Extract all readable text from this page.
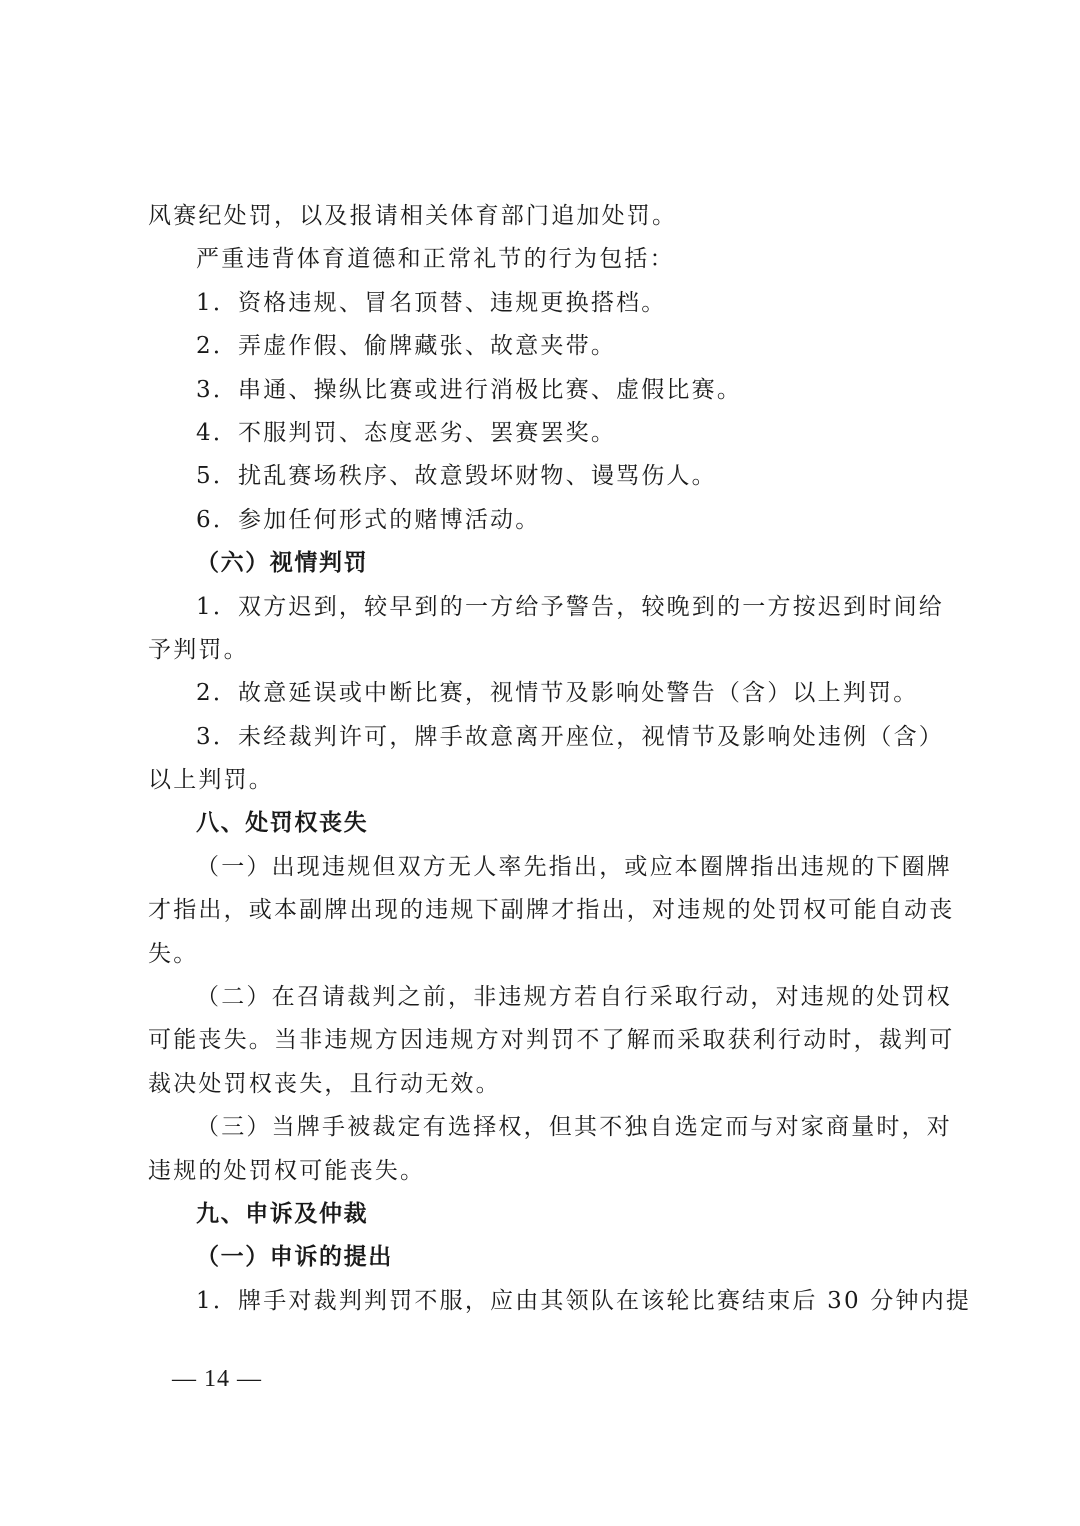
风赛纪处罚，以及报请相关体育部门追加处罚。

严重违背体育道德和正常礼节的行为包括：

1．资格违规、冒名顶替、违规更换搭档。

2．弄虚作假、偷牌藏张、故意夹带。

3．串通、操纵比赛或进行消极比赛、虚假比赛。

4．不服判罚、态度恶劣、罢赛罢奖。

5．扰乱赛场秩序、故意毁坏财物、谩骂伤人。

6．参加任何形式的赌博活动。

（六）视情判罚

1．双方迟到，较早到的一方给予警告，较晚到的一方按迟到时间给

予判罚。

2．故意延误或中断比赛，视情节及影响处警告（含）以上判罚。

3．未经裁判许可，牌手故意离开座位，视情节及影响处违例（含）

以上判罚。

八、处罚权丧失

（一）出现违规但双方无人率先指出，或应本圈牌指出违规的下圈牌

才指出，或本副牌出现的违规下副牌才指出，对违规的处罚权可能自动丧

失。

（二）在召请裁判之前，非违规方若自行采取行动，对违规的处罚权

可能丧失。当非违规方因违规方对判罚不了解而采取获利行动时，裁判可

裁决处罚权丧失，且行动无效。

（三）当牌手被裁定有选择权，但其不独自选定而与对家商量时，对

违规的处罚权可能丧失。

九、申诉及仲裁

（一）申诉的提出

1．牌手对裁判判罚不服，应由其领队在该轮比赛结束后 30 分钟内提

— 14 —
